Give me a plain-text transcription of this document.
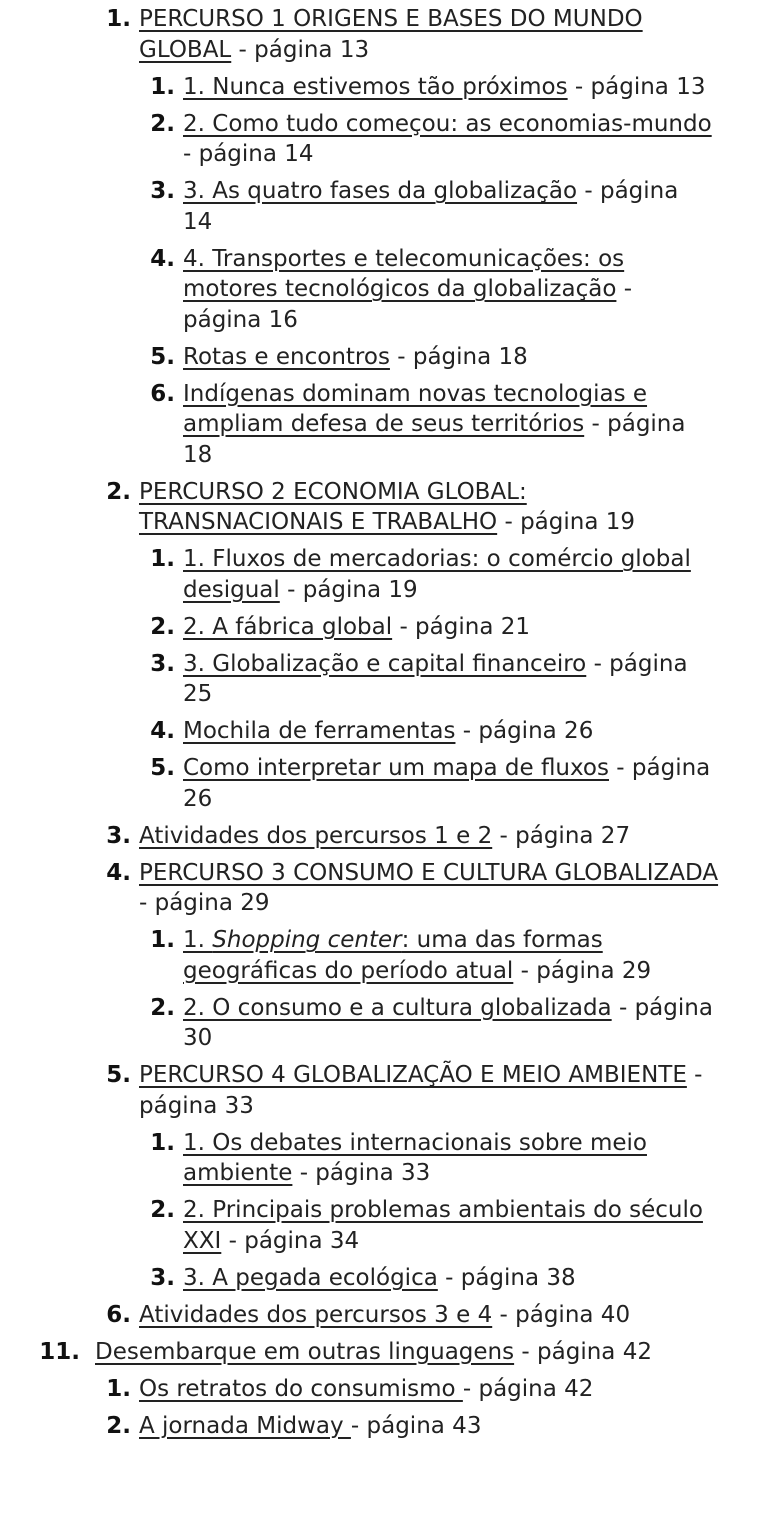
1. PERCURSO 1 ORIGENS E BASES DO MUNDO GLOBAL - página 13
1. 1. Nunca estivemos tão próximos - página 13
2. 2. Como tudo começou: as economias-mundo - página 14
3. 3. As quatro fases da globalização - página 14
4. 4. Transportes e telecomunicações: os motores tecnológicos da globalização - página 16
5. Rotas e encontros - página 18
6. Indígenas dominam novas tecnologias e ampliam defesa de seus territórios - página 18
2. PERCURSO 2 ECONOMIA GLOBAL: TRANSNACIONAIS E TRABALHO - página 19
1. 1. Fluxos de mercadorias: o comércio global desigual - página 19
2. 2. A fábrica global - página 21
3. 3. Globalização e capital financeiro - página 25
4. Mochila de ferramentas - página 26
5. Como interpretar um mapa de fluxos - página 26
3. Atividades dos percursos 1 e 2 - página 27
4. PERCURSO 3 CONSUMO E CULTURA GLOBALIZADA - página 29
1. 1. Shopping center: uma das formas geográficas do período atual - página 29
2. 2. O consumo e a cultura globalizada - página 30
5. PERCURSO 4 GLOBALIZAÇÃO E MEIO AMBIENTE - página 33
1. 1. Os debates internacionais sobre meio ambiente - página 33
2. 2. Principais problemas ambientais do século XXI - página 34
3. 3. A pegada ecológica - página 38
6. Atividades dos percursos 3 e 4 - página 40
11. Desembarque em outras linguagens - página 42
1. Os retratos do consumismo - página 42
2. A jornada Midway - página 43
